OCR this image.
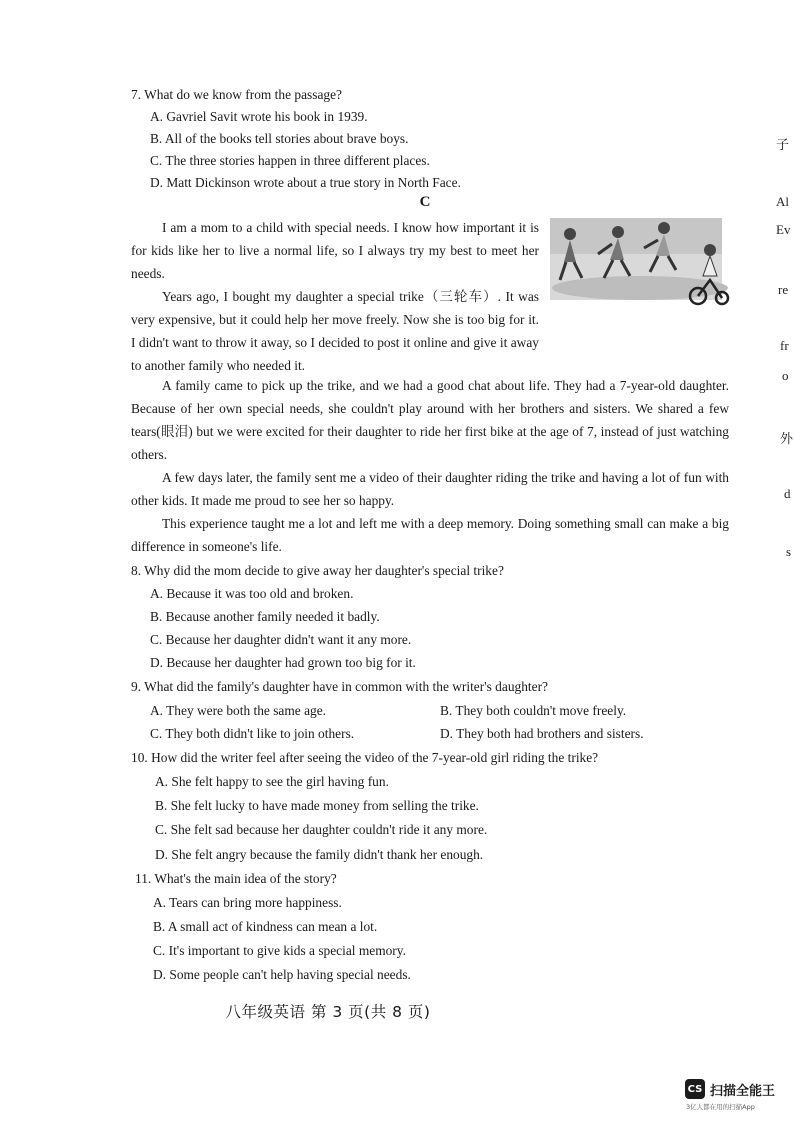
7. What do we know from the passage?
A. Gavriel Savit wrote his book in 1939.
B. All of the books tell stories about brave boys.
C. The three stories happen in three different places.
D. Matt Dickinson wrote about a true story in North Face.
C
I am a mom to a child with special needs. I know how important it is for kids like her to live a normal life, so I always try my best to meet her needs.
Years ago, I bought my daughter a special trike（三轮车）. It was very expensive, but it could help her move freely. Now she is too big for it. I didn't want to throw it away, so I decided to post it online and give it away to another family who needed it.
A family came to pick up the trike, and we had a good chat about life. They had a 7-year-old daughter. Because of her own special needs, she couldn't play around with her brothers and sisters. We shared a few tears(眼泪) but we were excited for their daughter to ride her first bike at the age of 7, instead of just watching others.
A few days later, the family sent me a video of their daughter riding the trike and having a lot of fun with other kids. It made me proud to see her so happy.
This experience taught me a lot and left me with a deep memory. Doing something small can make a big difference in someone's life.
8. Why did the mom decide to give away her daughter's special trike?
A. Because it was too old and broken.
B. Because another family needed it badly.
C. Because her daughter didn't want it any more.
D. Because her daughter had grown too big for it.
9. What did the family's daughter have in common with the writer's daughter?
A. They were both the same age.	B. They both couldn't move freely.
C. They both didn't like to join others.	D. They both had brothers and sisters.
10. How did the writer feel after seeing the video of the 7-year-old girl riding the trike?
A. She felt happy to see the girl having fun.
B. She felt lucky to have made money from selling the trike.
C. She felt sad because her daughter couldn't ride it any more.
D. She felt angry because the family didn't thank her enough.
11. What's the main idea of the story?
A. Tears can bring more happiness.
B. A small act of kindness can mean a lot.
C. It's important to give kids a special memory.
D. Some people can't help having special needs.
八年级英语 第 3 页(共 8 页)
子
Al
Ev
re
fr
o
外
d
s
CS 扫描全能王
3亿人都在用的扫描App
